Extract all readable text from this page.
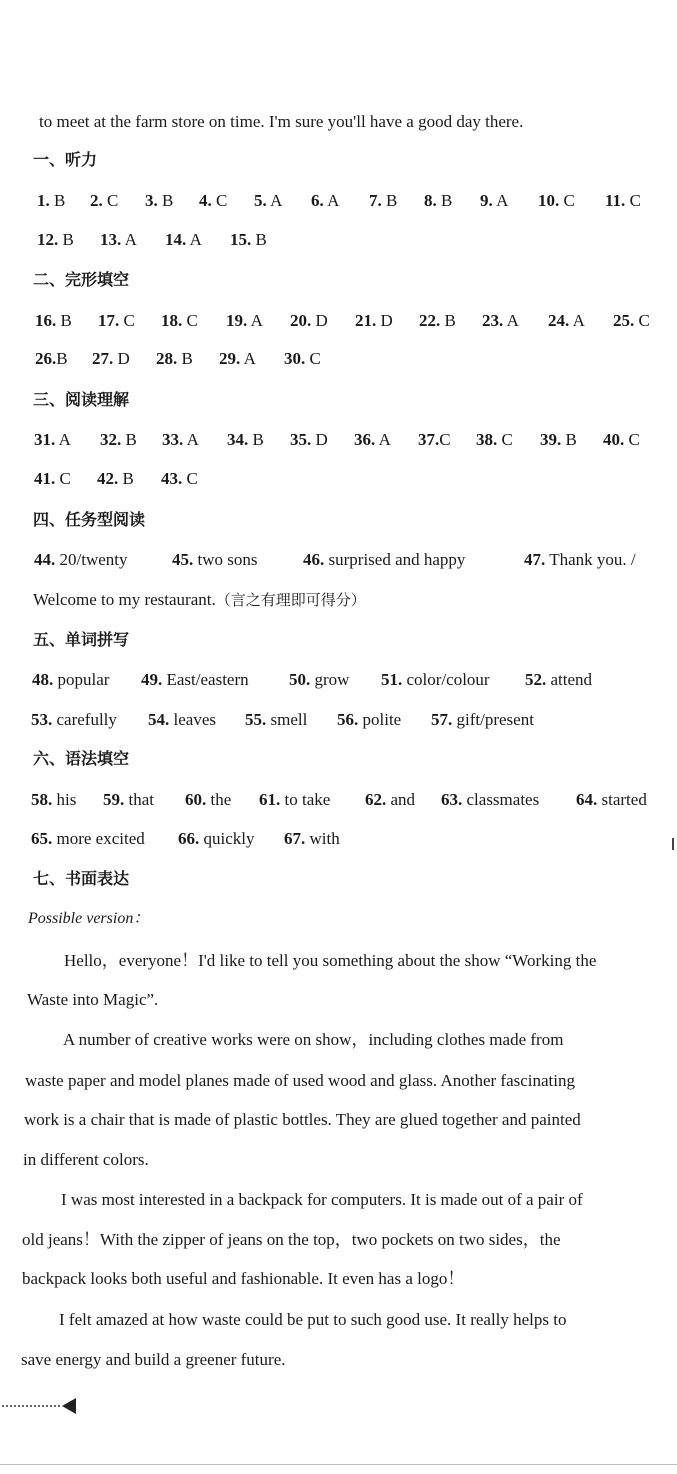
to meet at the farm store on time. I'm sure you'll have a good day there.
一、听力
1. B 2. C 3. B 4. C 5. A 6. A 7. B 8. B 9. A 10. C 11. C
12. B 13. A 14. A 15. B
二、完形填空
16. B 17. C 18. C 19. A 20. D 21. D 22. B 23. A 24. A 25. C
26.B 27. D 28. B 29. A 30. C
三、阅读理解
31. A 32. B 33. A 34. B 35. D 36. A 37.C 38. C 39. B 40. C
41. C 42. B 43. C
四、任务型阅读
44. 20/twenty	45. two sons	46. surprised and happy	47. Thank you. /
Welcome to my restaurant.（言之有理即可得分）
五、单词拼写
48. popular 49. East/eastern 50. grow 51. color/colour 52. attend
53. carefully 54. leaves 55. smell 56. polite 57. gift/present
六、语法填空
58. his 59. that 60. the 61. to take 62. and 63. classmates 64. started
65. more excited 66. quickly 67. with
七、书面表达
Possible version：
Hello，everyone！I'd like to tell you something about the show “Working the
Waste into Magic”.
A number of creative works were on show，including clothes made from
waste paper and model planes made of used wood and glass. Another fascinating
work is a chair that is made of plastic bottles. They are glued together and painted
in different colors.
I was most interested in a backpack for computers. It is made out of a pair of
old jeans！With the zipper of jeans on the top，two pockets on two sides，the
backpack looks both useful and fashionable. It even has a logo！
I felt amazed at how waste could be put to such good use. It really helps to
save energy and build a greener future.
